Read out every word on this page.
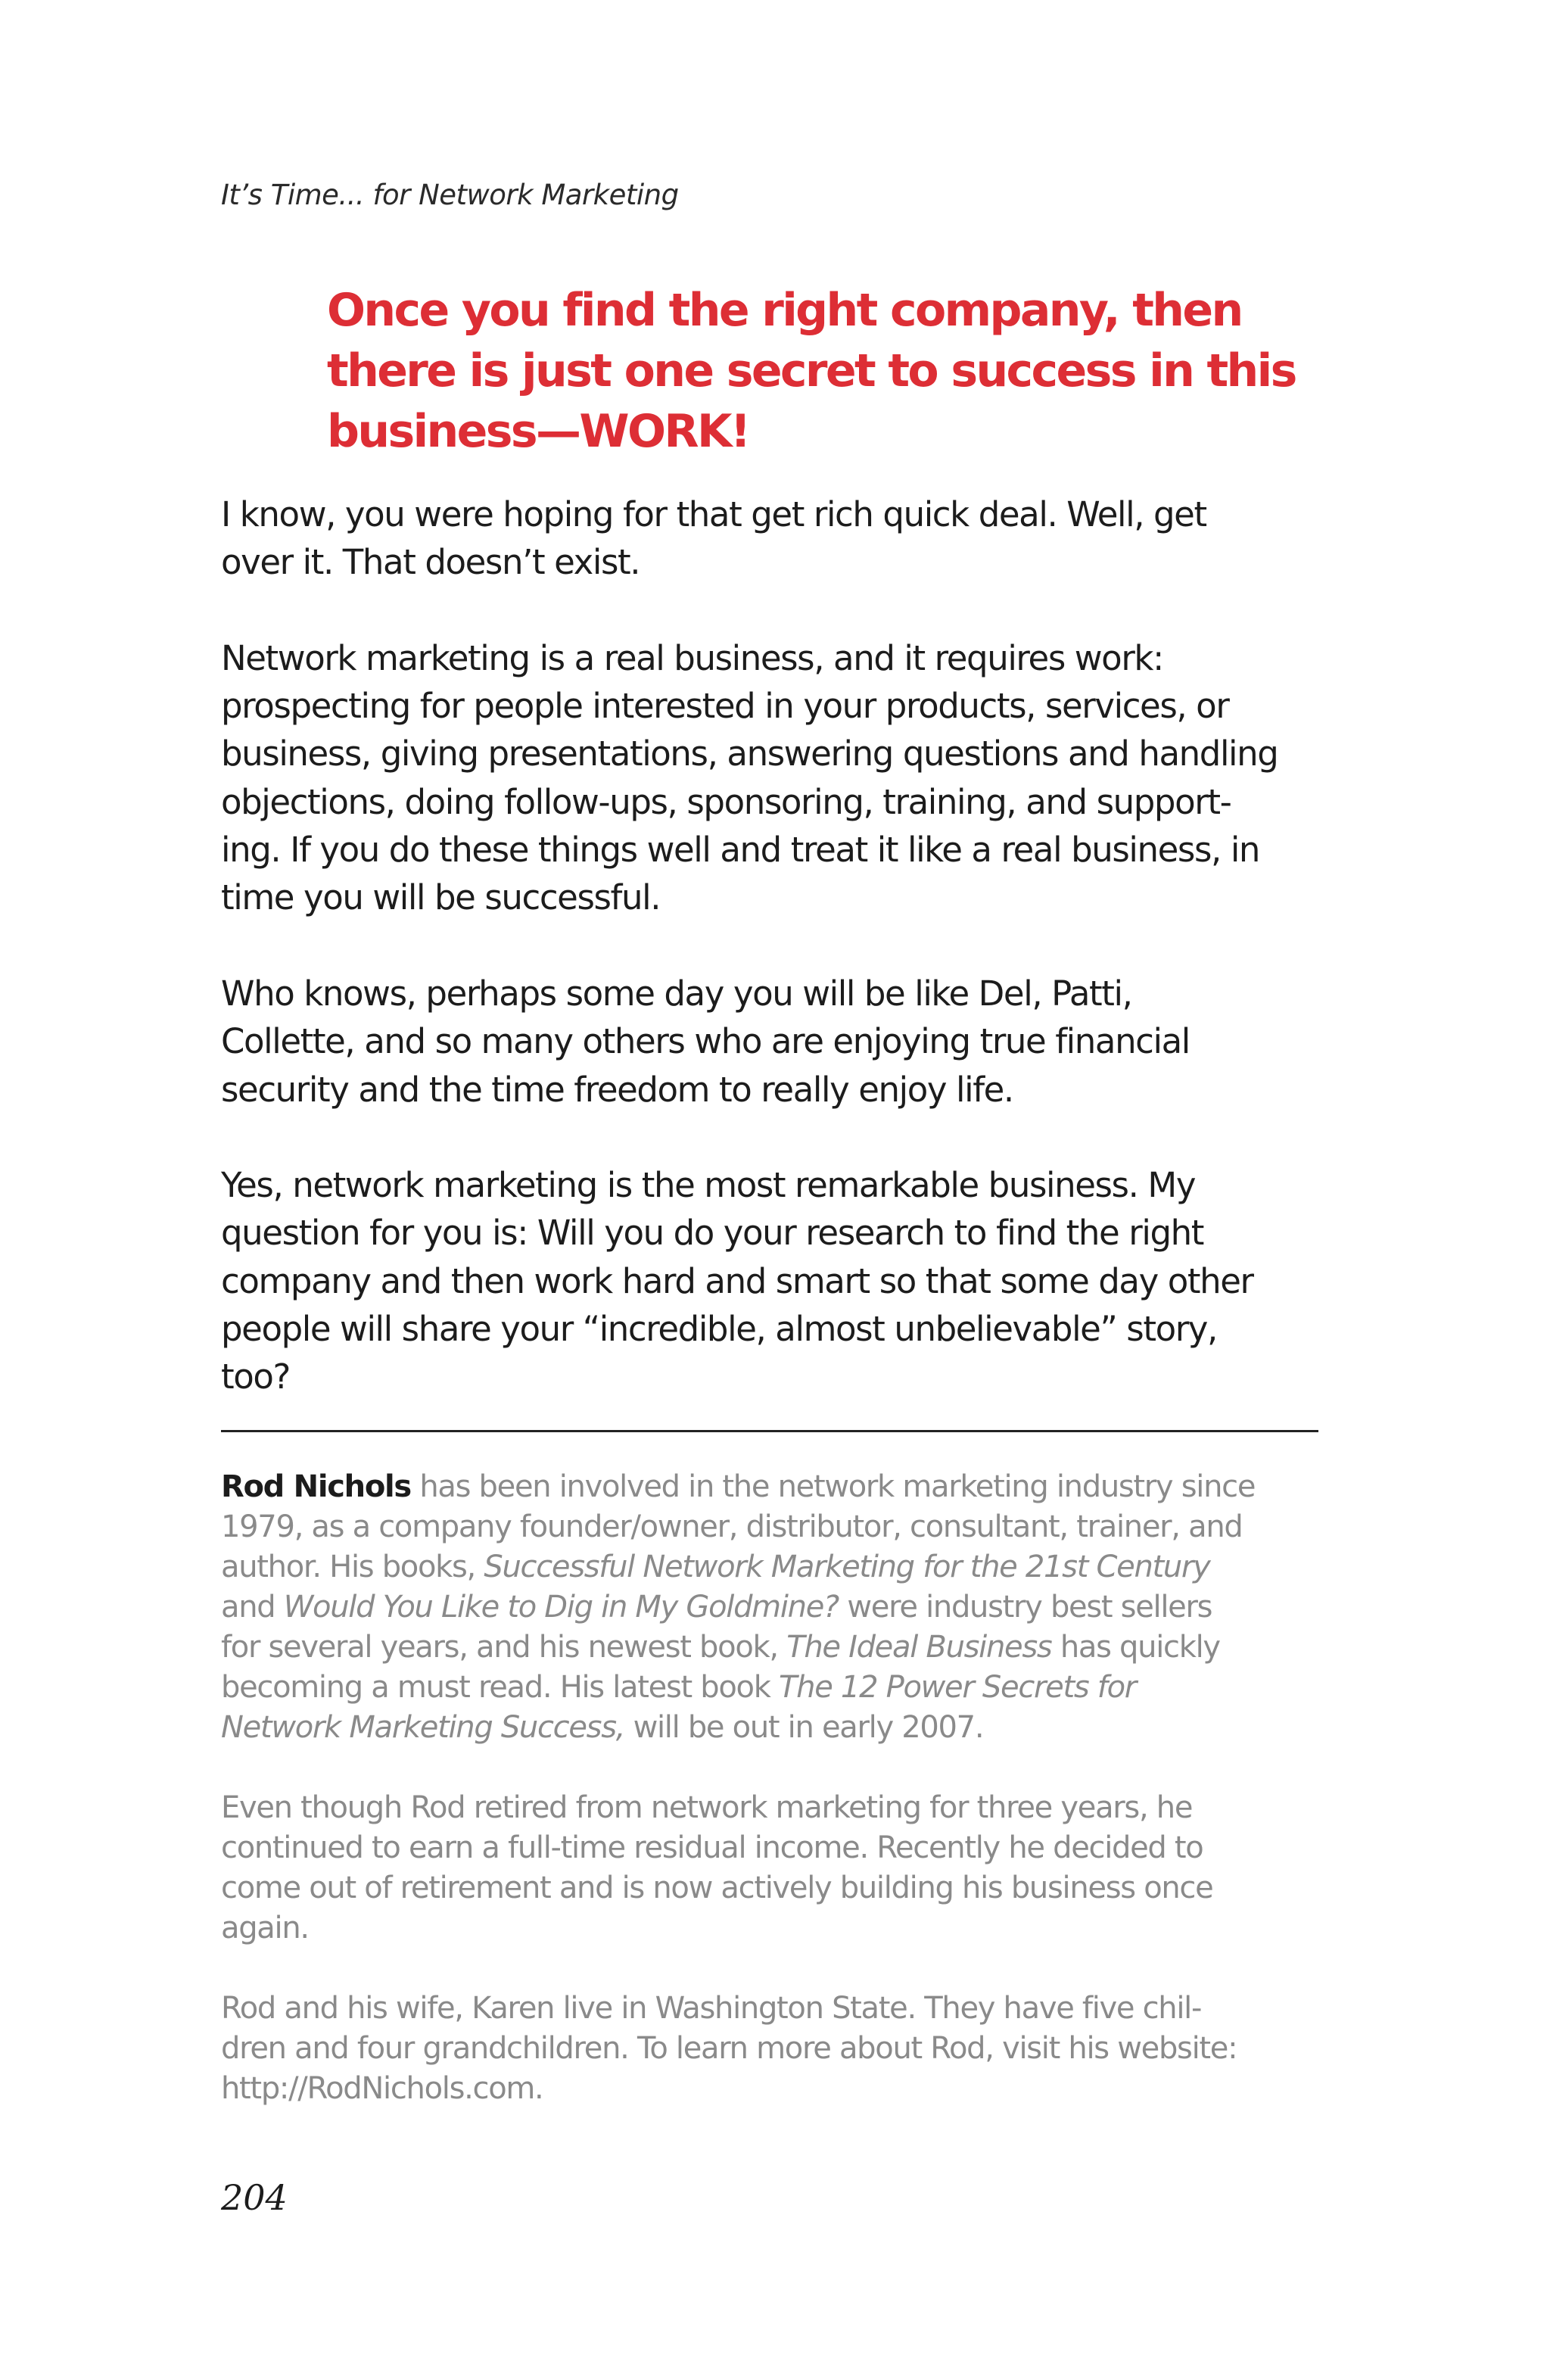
It’s Time... for Network Marketing
Once you find the right company, then
there is just one secret to success in this
business—WORK!

I know, you were hoping for that get rich quick deal. Well, get
over it. That doesn’t exist.

Network marketing is a real business, and it requires work:
prospecting for people interested in your products, services, or
business, giving presentations, answering questions and handling
objections, doing follow-ups, sponsoring, training, and support-
ing. If you do these things well and treat it like a real business, in
time you will be successful.

Who knows, perhaps some day you will be like Del, Patti,
Collette, and so many others who are enjoying true financial
security and the time freedom to really enjoy life.

Yes, network marketing is the most remarkable business. My
question for you is: Will you do your research to find the right
company and then work hard and smart so that some day other
people will share your “incredible, almost unbelievable” story,
too?

Rod Nichols has been involved in the network marketing industry since
1979, as a company founder/owner, distributor, consultant, trainer, and
author. His books, Successful Network Marketing for the 21st Century
and Would You Like to Dig in My Goldmine? were industry best sellers
for several years, and his newest book, The Ideal Business has quickly
becoming a must read. His latest book The 12 Power Secrets for
Network Marketing Success, will be out in early 2007.

Even though Rod retired from network marketing for three years, he
continued to earn a full-time residual income. Recently he decided to
come out of retirement and is now actively building his business once
again.

Rod and his wife, Karen live in Washington State. They have five chil-
dren and four grandchildren. To learn more about Rod, visit his website:
http://RodNichols.com.

204
